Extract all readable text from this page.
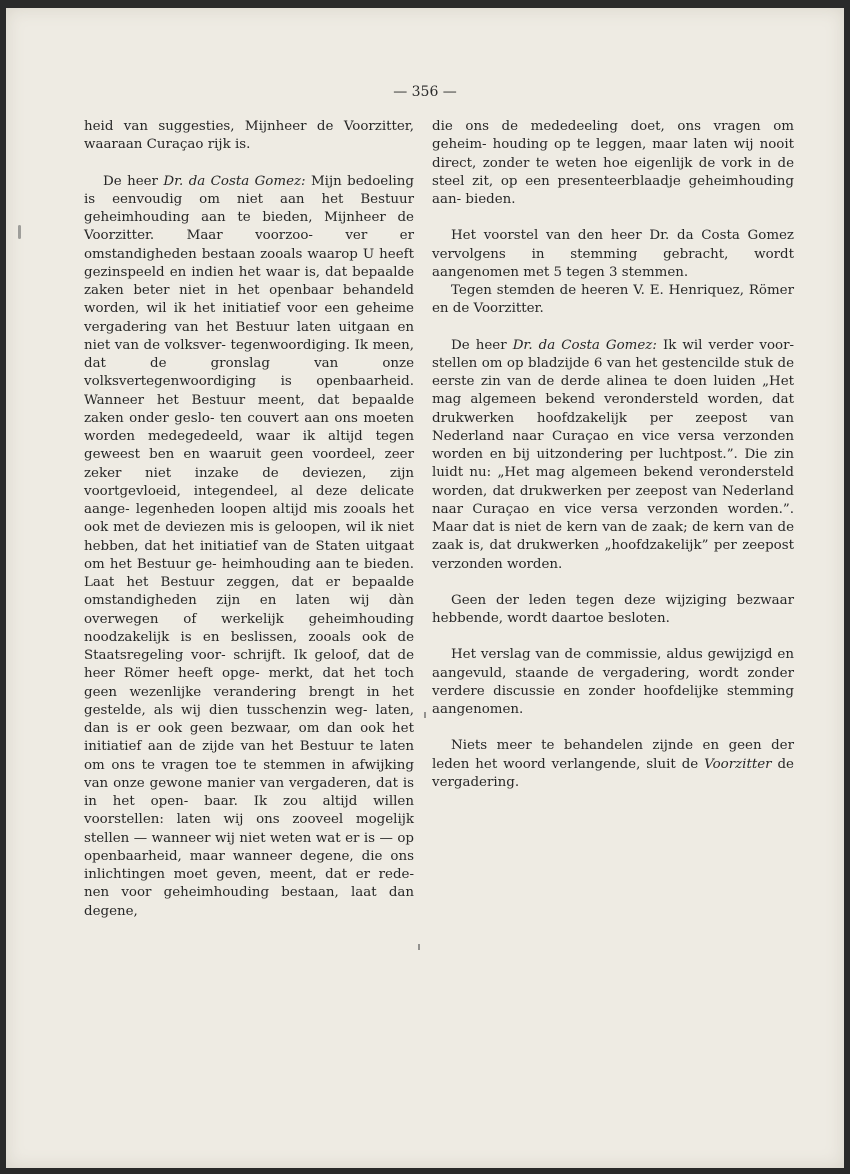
— 356 —

heid van suggesties, Mijnheer de Voorzitter, waaraan Curaçao rijk is.

De heer Dr. da Costa Gomez: Mijn bedoeling is eenvoudig om niet aan het Bestuur geheimhouding aan te bieden, Mijnheer de Voorzitter. Maar voorzoo- ver er omstandigheden bestaan zooals waarop U heeft gezinspeeld en indien het waar is, dat bepaalde zaken beter niet in het openbaar behandeld worden, wil ik het initiatief voor een geheime vergadering van het Bestuur laten uitgaan en niet van de volksver- tegenwoordiging. Ik meen, dat de gronslag van onze volksvertegenwoordiging is openbaarheid. Wanneer het Bestuur meent, dat bepaalde zaken onder geslo- ten couvert aan ons moeten worden medegedeeld, waar ik altijd tegen geweest ben en waaruit geen voordeel, zeer zeker niet inzake de deviezen, zijn voortgevloeid, integendeel, al deze delicate aange- legenheden loopen altijd mis zooals het ook met de deviezen mis is geloopen, wil ik niet hebben, dat het initiatief van de Staten uitgaat om het Bestuur ge- heimhouding aan te bieden. Laat het Bestuur zeggen, dat er bepaalde omstandigheden zijn en laten wij dàn overwegen of werkelijk geheimhouding noodzakelijk is en beslissen, zooals ook de Staatsregeling voor- schrijft. Ik geloof, dat de heer Römer heeft opge- merkt, dat het toch geen wezenlijke verandering brengt in het gestelde, als wij dien tusschenzin weg- laten, dan is er ook geen bezwaar, om dan ook het initiatief aan de zijde van het Bestuur te laten om ons te vragen toe te stemmen in afwijking van onze gewone manier van vergaderen, dat is in het open- baar. Ik zou altijd willen voorstellen: laten wij ons zooveel mogelijk stellen — wanneer wij niet weten wat er is — op openbaarheid, maar wanneer degene, die ons inlichtingen moet geven, meent, dat er rede- nen voor geheimhouding bestaan, laat dan degene,

die ons de mededeeling doet, ons vragen om geheim- houding op te leggen, maar laten wij nooit direct, zonder te weten hoe eigenlijk de vork in de steel zit, op een presenteerblaadje geheimhouding aan- bieden.

Het voorstel van den heer Dr. da Costa Gomez vervolgens in stemming gebracht, wordt aangenomen met 5 tegen 3 stemmen.

Tegen stemden de heeren V. E. Henriquez, Römer en de Voorzitter.

De heer Dr. da Costa Gomez: Ik wil verder voor- stellen om op bladzijde 6 van het gestencilde stuk de eerste zin van de derde alinea te doen luiden „Het mag algemeen bekend verondersteld worden, dat drukwerken hoofdzakelijk per zeepost van Nederland naar Curaçao en vice versa verzonden worden en bij uitzondering per luchtpost.”. Die zin luidt nu: „Het mag algemeen bekend verondersteld worden, dat drukwerken per zeepost van Nederland naar Curaçao en vice versa verzonden worden.”. Maar dat is niet de kern van de zaak; de kern van de zaak is, dat drukwerken „hoofdzakelijk” per zeepost verzonden worden.

Geen der leden tegen deze wijziging bezwaar hebbende, wordt daartoe besloten.

Het verslag van de commissie, aldus gewijzigd en aangevuld, staande de vergadering, wordt zonder verdere discussie en zonder hoofdelijke stemming aangenomen.

Niets meer te behandelen zijnde en geen der leden het woord verlangende, sluit de Voorzitter de vergadering.
